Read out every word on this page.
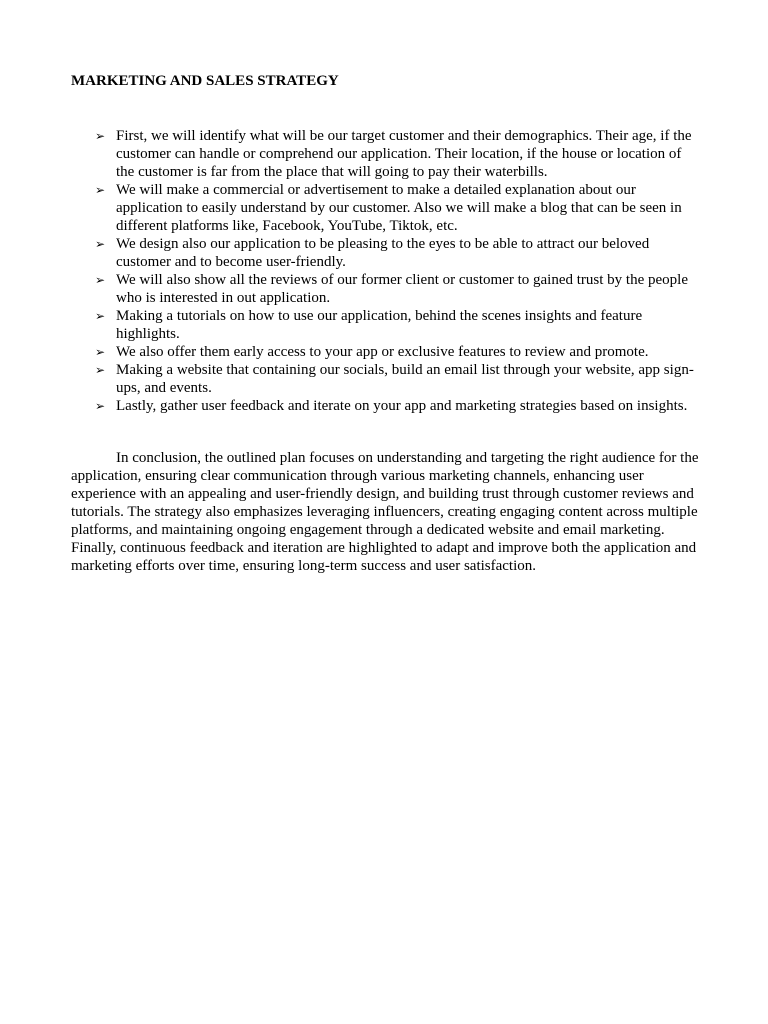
MARKETING AND SALES STRATEGY
➢ First, we will identify what will be our target customer and their demographics. Their age, if the customer can handle or comprehend our application. Their location, if the house or location of the customer is far from the place that will going to pay their waterbills.
➢ We will make a commercial or advertisement to make a detailed explanation about our application to easily understand by our customer. Also we will make a blog that can be seen in different platforms like, Facebook, YouTube, Tiktok, etc.
➢ We design also our application to be pleasing to the eyes to be able to attract our beloved customer and to become user-friendly.
➢ We will also show all the reviews of our former client or customer to gained trust by the people who is interested in out application.
➢ Making a tutorials on how to use our application, behind the scenes insights and feature highlights.
➢ We also offer them early access to your app or exclusive features to review and promote.
➢ Making a website that containing our socials, build an email list through your website, app sign-ups, and events.
➢ Lastly, gather user feedback and iterate on your app and marketing strategies based on insights.

In conclusion, the outlined plan focuses on understanding and targeting the right audience for the application, ensuring clear communication through various marketing channels, enhancing user experience with an appealing and user-friendly design, and building trust through customer reviews and tutorials. The strategy also emphasizes leveraging influencers, creating engaging content across multiple platforms, and maintaining ongoing engagement through a dedicated website and email marketing. Finally, continuous feedback and iteration are highlighted to adapt and improve both the application and marketing efforts over time, ensuring long-term success and user satisfaction.
